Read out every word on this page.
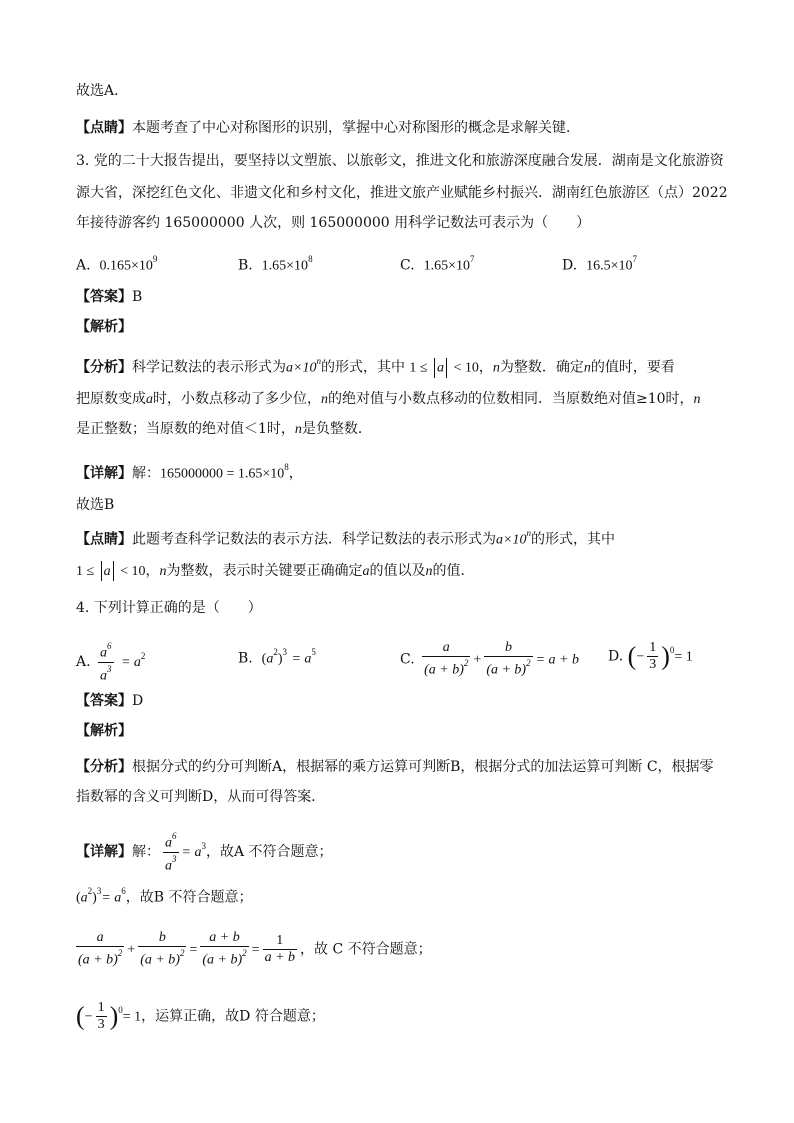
故选A．
【点睛】本题考查了中心对称图形的识别，掌握中心对称图形的概念是求解关键．
3. 党的二十大报告提出，要坚持以文塑旅、以旅彰文，推进文化和旅游深度融合发展．湖南是文化旅游资
源大省，深挖红色文化、非遗文化和乡村文化，推进文旅产业赋能乡村振兴．湖南红色旅游区（点）2022
年接待游客约 165000000 人次，则 165000000 用科学记数法可表示为（　　）
A. $0.165\times 10^9$	B. $1.65\times 10^8$	C. $1.65\times 10^7$	D. $16.5\times 10^7$
【答案】B
【解析】
【分析】科学记数法的表示形式为$a\times 10^n$的形式，其中 1 ≤ a < 10，n为整数．确定n的值时，要看
把原数变成a时，小数点移动了多少位，n的绝对值与小数点移动的位数相同．当原数绝对值≥10时，n
是正整数；当原数的绝对值＜1时，n是负整数．
【详解】解：$165000000 = 1.65\times 10^8$，
故选B
【点睛】此题考查科学记数法的表示方法．科学记数法的表示形式为$a\times 10^n$的形式，其中
1 ≤ a < 10，n为整数，表示时关键要正确确定a的值以及n的值．
4. 下列计算正确的是（　　）
A. $\frac{a^6}{a^3} = a^2$	B. $(a^2)^3 = a^5$	C. $\frac{a}{(a + b)^2} + \frac{b}{(a + b)^2} = a + b$ D. (− $\frac{1}{3} )^0= 1$
【答案】D
【解析】
【分析】根据分式的约分可判断A，根据幂的乘方运算可判断B，根据分式的加法运算可判断 C，根据零
指数幂的含义可判断D，从而可得答案．
【详解】解： $\frac{a^6}{a^3} = a^3$，故A 不符合题意；
$(a^2)^3= a^6$，故B 不符合题意；
$\frac{a}{(a + b)^2} + \frac{b}{(a + b)^2} = \frac{a + b}{(a + b)^2} = \frac{1}{a + b}$ ，故 C 不符合题意；
(− $\frac{1}{3} )^0= 1$，运算正确，故D 符合题意；
